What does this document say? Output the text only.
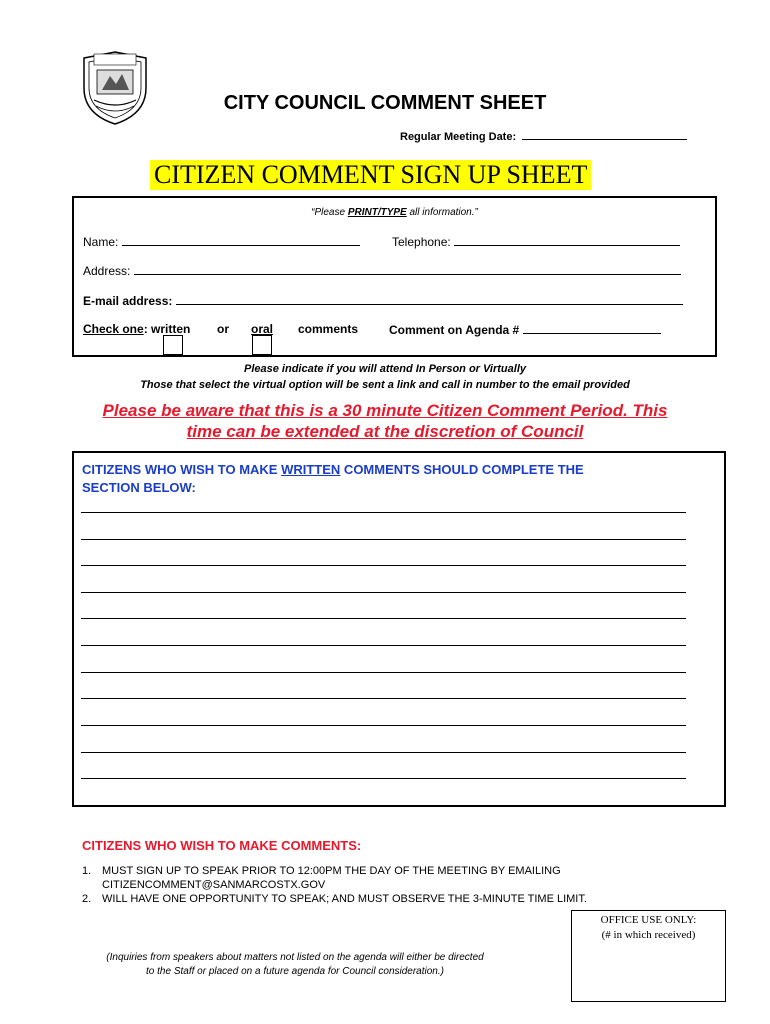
CITY COUNCIL COMMENT SHEET
Regular Meeting Date:
CITIZEN COMMENT SIGN UP SHEET
“Please PRINT/TYPE all information.”
Name:	Telephone:
Address:
E-mail address:
Check one: written or oral comments	Comment on Agenda #
Please indicate if you will attend In Person or Virtually
Those that select the virtual option will be sent a link and call in number to the email provided
Please be aware that this is a 30 minute Citizen Comment Period. This
time can be extended at the discretion of Council
CITIZENS WHO WISH TO MAKE WRITTEN COMMENTS SHOULD COMPLETE THE
SECTION BELOW:
CITIZENS WHO WISH TO MAKE COMMENTS:
1. MUST SIGN UP TO SPEAK PRIOR TO 12:00PM THE DAY OF THE MEETING BY EMAILING
CITIZENCOMMENT@SANMARCOSTX.GOV
2. WILL HAVE ONE OPPORTUNITY TO SPEAK; AND MUST OBSERVE THE 3-MINUTE TIME LIMIT.
OFFICE USE ONLY:
(# in which received)
(Inquiries from speakers about matters not listed on the agenda will either be directed
to the Staff or placed on a future agenda for Council consideration.)
